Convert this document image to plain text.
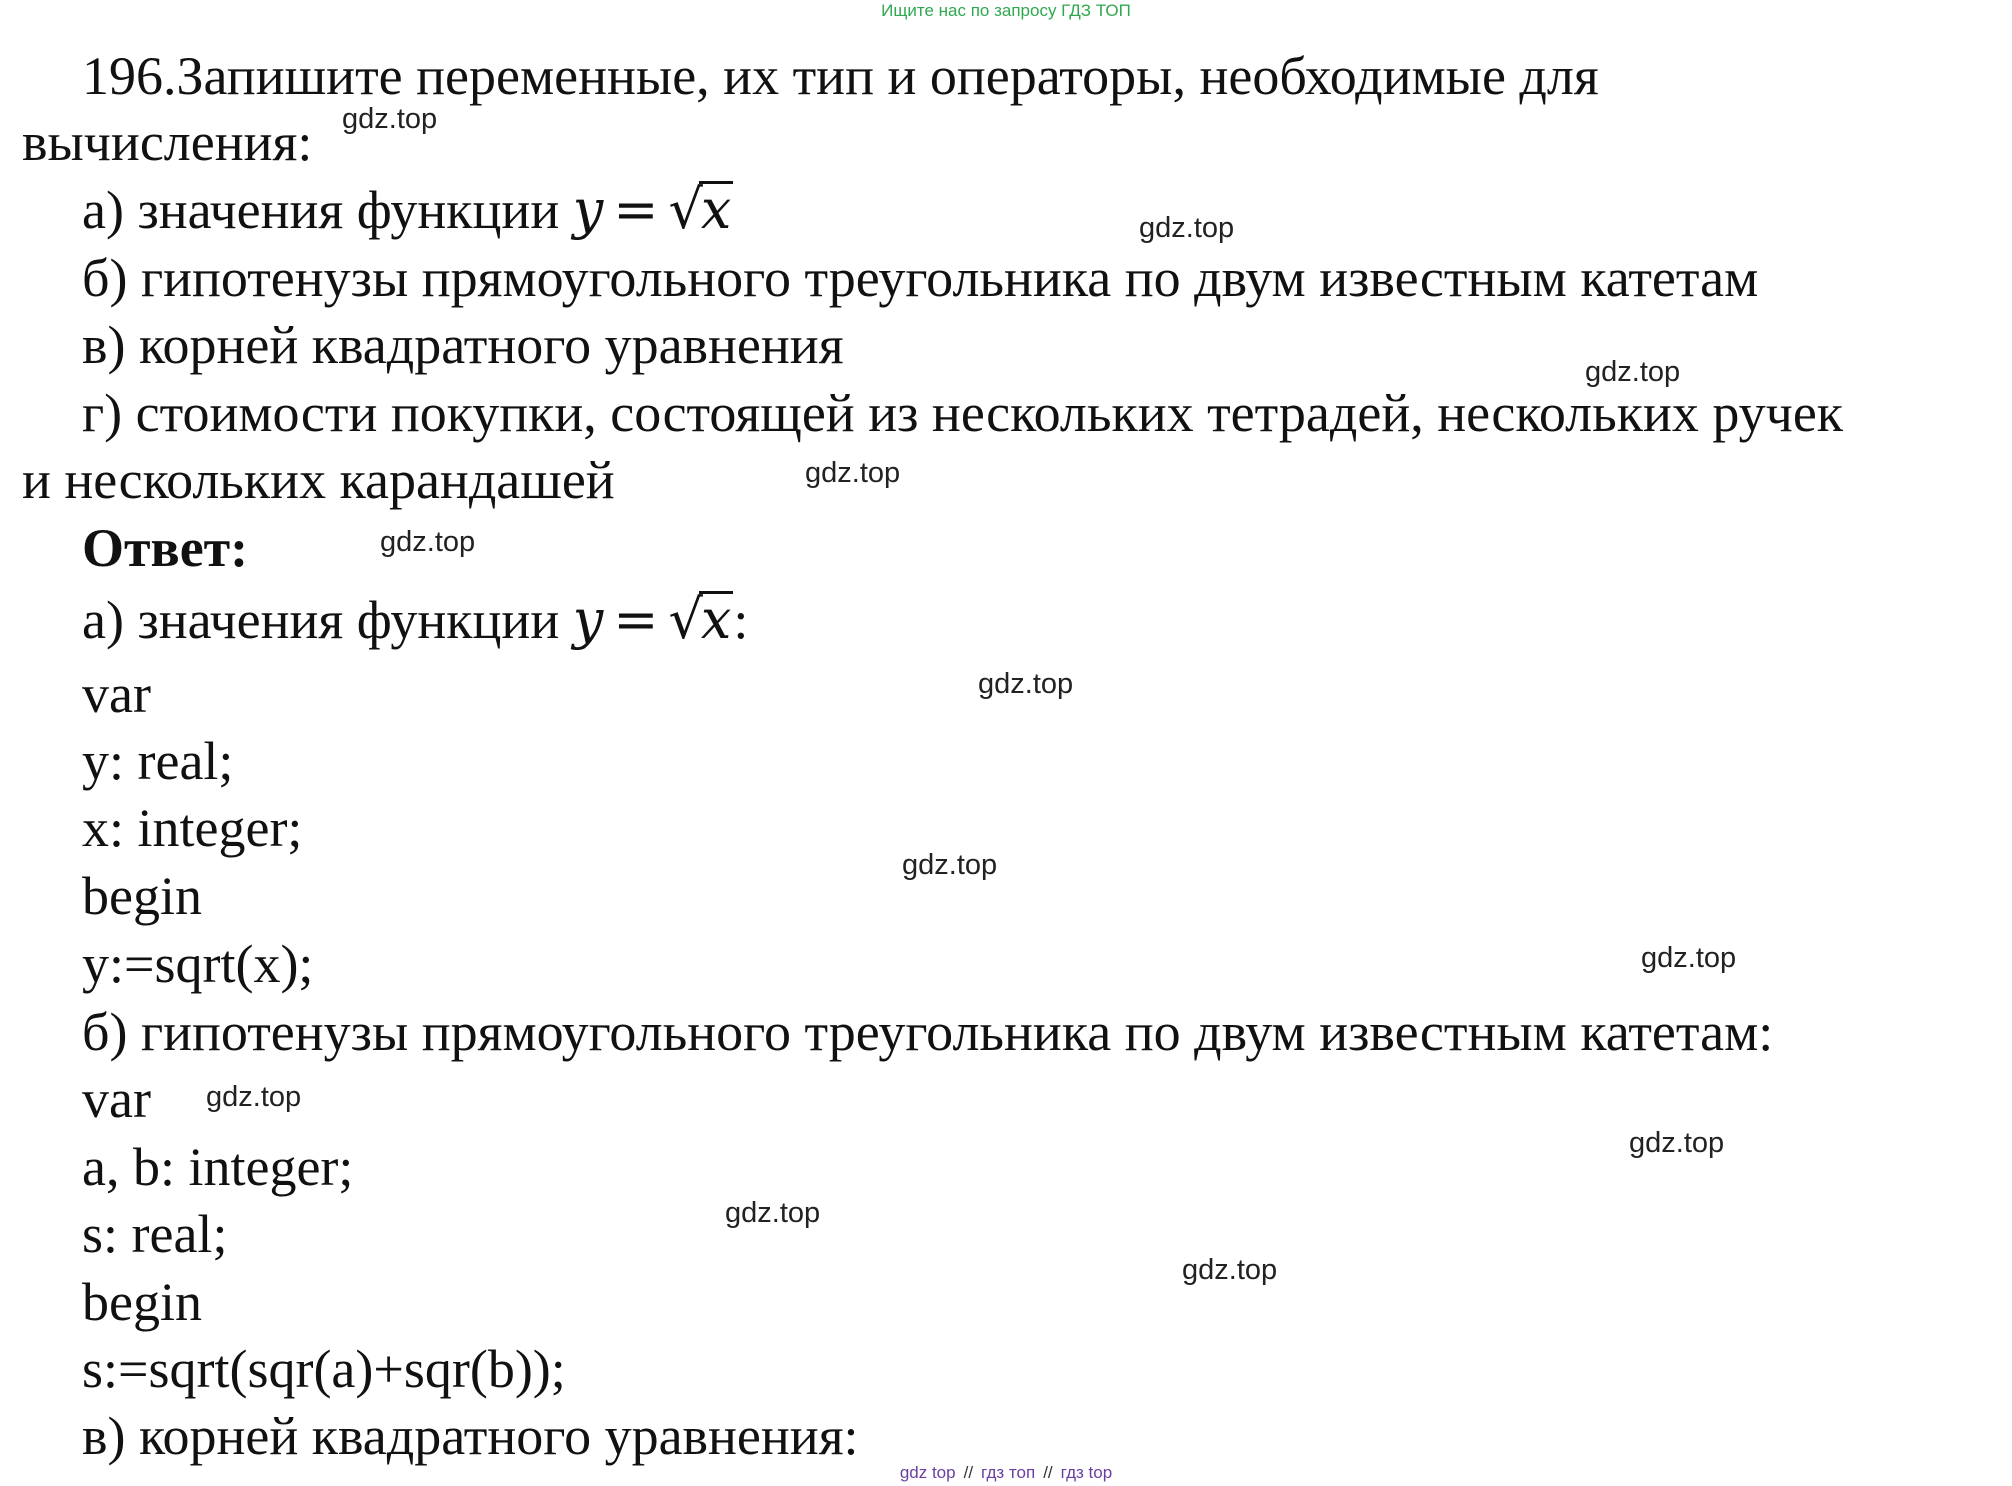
Ищите нас по запросу ГДЗ ТОП
196.Запишите переменные, их тип и операторы, необходимые для
вычисления:
а) значения функции y = √x
б) гипотенузы прямоугольного треугольника по двум известным катетам
в) корней квадратного уравнения
г) стоимости покупки, состоящей из нескольких тетрадей, нескольких ручек
и нескольких карандашей
Ответ:
а) значения функции y = √x:
var
y: real;
x: integer;
begin
y:=sqrt(x);
б) гипотенузы прямоугольного треугольника по двум известным катетам:
var
a, b: integer;
s: real;
begin
s:=sqrt(sqr(a)+sqr(b));
в) корней квадратного уравнения:
gdz.top
gdz.top
gdz.top
gdz.top
gdz.top
gdz.top
gdz.top
gdz.top
gdz.top
gdz.top
gdz.top
gdz.top
gdz top // гдз топ // гдз top
